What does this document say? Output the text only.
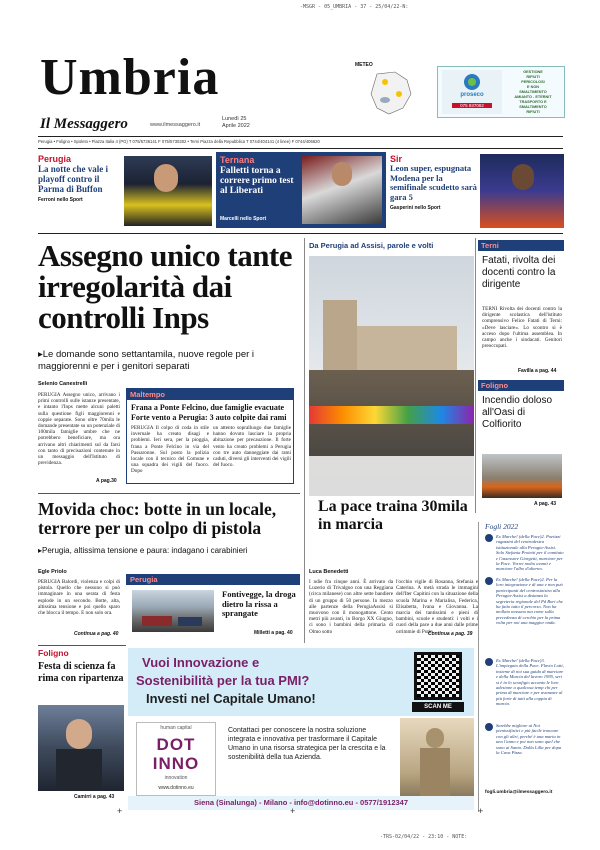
-MSGR - 05_UMBRIA - 37 - 25/04/22-N:
Umbria
Il Messaggero	www.ilmessaggero.it
Lunedì 25
Aprile 2022
METEO
proseco
075 937082
GESTIONE
RIFIUTI
PERICOLOSI
E NON
SMALTIMENTO
AMIANTO - ETERNIT
TRASPORTO E
SMALTIMENTO
RIFIUTI
Perugia • Foligno • Spoleto • Piazza Italia 4 (PG) T 075/5736141 F 075/5730282 • Terni Piazza della Repubblica T 0744/404141 (4 linee) F 0744/406620
Perugia
La notte che vale i playoff contro il Parma di Buffon
Ferroni nello Sport
Ternana
Falletti torna a correre primo test al Liberati
Marcelli nello Sport
Sir
Leon super, espugnata Modena per la semifinale scudetto sarà gara 5
Gasperini nello Sport
Assegno unico tante irregolarità dai controlli Inps
▸Le domande sono settantamila, nuove regole per i maggiorenni e per i genitori separati
Selenio Canestrelli
PERUGIA Assegno unico, arrivano i primi controlli sulle istanze presentate, e intanto l'Inps mette alcuni paletti sulla questione figli maggiorenni e coppie separate. Sono oltre 70mila le domande presentate su un potenziale di 100mila famiglie umbre che ne potrebbero beneficiare, ma ora arrivano altri chiarimenti sul da farsi con tanto di precisazioni contenute in un messaggio dell'Istituto di previdenza.
A pag.30
Maltempo
Frana a Ponte Felcino, due famiglie evacuate Forte vento a Perugia: 3 auto colpite dai rami
PERUGIA Il colpo di coda in stile invernale ha creato disagi e problemi. Ieri sera, per la pioggia, frana a Ponte Felcino in via del Passaronne. Sul posto la polizia locale con il tecnico del Comune e una squadra dei vigili del fuoco. Dopo
un attento sopralluogo due famiglie hanno dovuto lasciare la propria abitazione per precauzione. Il forte vento ha creato problemi a Perugia con tre auto danneggiate dai rami caduti, diversi gli interventi dei vigili del fuoco.
Movida choc: botte in un locale, terrore per un colpo di pistola
▸Perugia, altissima tensione e paura: indagano i carabinieri
Egle Priolo
PERUGIA Balordi, violenza e colpi di pistola. Quello che nessuno si può immaginare in una serata di festa esplode in un secondo. Botte, alta, altissima tensione e poi quello sparo che blocca il tempo. E non solo ora.
Continua a pag. 40
Perugia
Fontivegge, la droga dietro la rissa a sprangate
Milletti a pag. 40
Da Perugia ad Assisi, parole e volti
La pace traina 30mila in marcia
Luca Benedetti
I ndie fra cinque anni. È arrivato da Luzerio di Trivalgoo con una Reggiana (circa milanese) con altre sette bandiere di un gruppo di 50 persone. In mezzo alle partenze della PerugiaAssisi si muovono con il monogattone. Cento metri più avanti, in Borgo XX Giugno, ci sono i bambini della primaria di Olmo sotto
l'occhio vigile di Rosanna, Stefania e Caterina. A metà strada le immagini dell'Iter Capitini con la situazione della scuola Marina e Marialisa, Federica, Elisabetta, Ivana e Giovanna. La marcia dei tantissimi e pieni di bambini, scuole e studenti: i volti e i cuori della pace a due anni dalle prime orrimmie di Putin.
Continua a pag. 39
Terni
Fatati, rivolta dei docenti contro la dirigente
TERNI Rivolta dei docenti contro la dirigente scolastica dell'istituto comprensivo Felice Fatati di Terni: «Deve lasciare». Lo scontro si è acceso dopo l'ultima assemblea. In campo anche i sindacati. Genitori preoccupati.
Favilla a pag. 44
Foligno
Incendio doloso all'Oasi di Colfiorito
A pag. 43
Fogli 2022
Ex Marche! (della Pace)2. Poetizzi ragazzini del centrodestra istituzionale alla Perugia-Assisi. Solo Stefania Proietti per il comitato e l'assessore Giorgetti, marciare per la Pace. Vorrei molto avanti e marciare l'albo d'alterno.
Ex Marche! (della Pace)2. Per la loro integrazione e di una e non può partecipanti del centrosinistra alla Perugia-Assisi a distanza la segreteria regionale del Pd Bori che ha fatto tutto il percorso. Non ha mollato nessuno ma come sulla precedenza di cerchio per la prima volta per noi una maggior onda.
Ex Marche! (della Pace)3. L'impiegato della Pace. Flavio Lotti, insieme di noi sua guida di marciare e della Marcia del lavoro 1995, seri si è in lo sconfigio accanto le loro adesione a qualcosa temp chi per prima di marciare e per avanzare al più forte di tutti alla coppia di marcia.
Sarebbe migliore ai Noi pienissifistici e più facile troncare con gli altri, perché è una maria in uno l'anno e poi non sono quel che sono ai Santo. Dalla Lilla per dopa la Cava Pizza.
fogli.umbria@ilmessaggero.it
Foligno
Festa di scienza fa rima con ripartenza
Camirri a pag. 43
Vuoi Innovazione e
Sostenibilità per la tua PMI?
Investi nel Capitale Umano!
SCAN ME
human capital
DOT INNO
innovation
www.dotinno.eu
Contattaci per conoscere la nostra soluzione integrata e innovativa per trasformare il Capitale Umano in una risorsa strategica per la crescita e la sostenibilità della tua Azienda.
Siena (Sinalunga) - Milano - info@dotinno.eu - 0577/1912347
+	+	+
-TRS-02/04/22 - 23:10 - NOTE:
